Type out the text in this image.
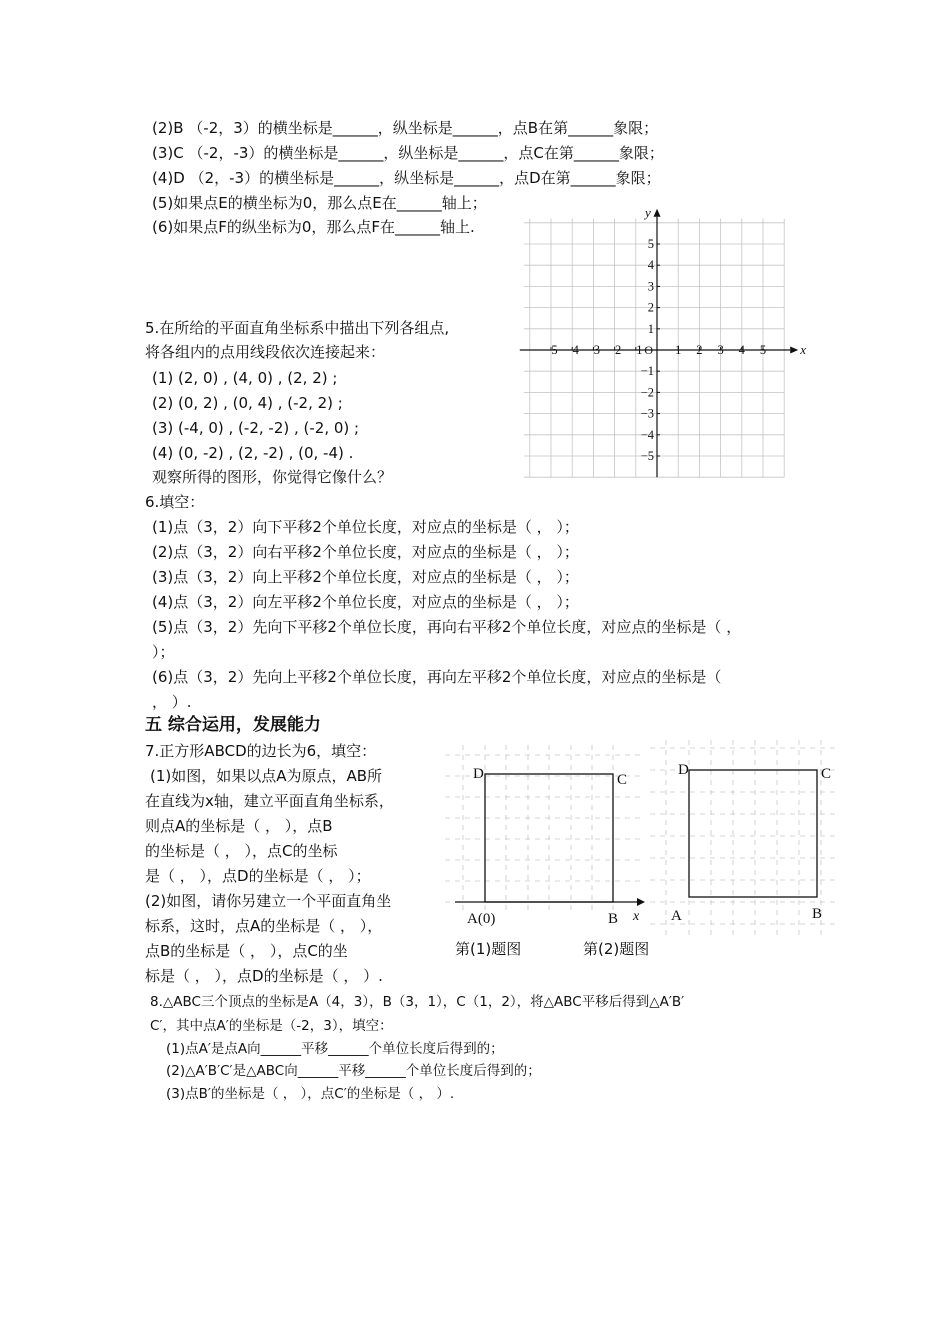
(2)B （-2，3）的横坐标是______，纵坐标是______，点B在第______象限；
(3)C （-2，-3）的横坐标是______，纵坐标是______，点C在第______象限；
(4)D （2，-3）的横坐标是______，纵坐标是______，点D在第______象限；
(5)如果点E的横坐标为0，那么点E在______轴上；
(6)如果点F的纵坐标为0，那么点F在______轴上.
x
y
O
−5 −4 −3 −2 −1	1 2 3 4 5
5
4
3
2
1
−1
−2
−3
−4
−5
5.在所给的平面直角坐标系中描出下列各组点,
将各组内的点用线段依次连接起来：
(1) (2, 0) , (4, 0) , (2, 2) ;
(2) (0, 2) , (0, 4) , (-2, 2) ;
(3) (-4, 0) , (-2, -2) , (-2, 0) ;
(4) (0, -2) , (2, -2) , (0, -4) .
观察所得的图形，你觉得它像什么？
6.填空：
(1)点（3，2）向下平移2个单位长度，对应点的坐标是（ ， ）；
(2)点（3，2）向右平移2个单位长度，对应点的坐标是（ ， ）；
(3)点（3，2）向上平移2个单位长度，对应点的坐标是（ ， ）；
(4)点（3，2）向左平移2个单位长度，对应点的坐标是（ ， ）；
(5)点（3，2）先向下平移2个单位长度，再向右平移2个单位长度，对应点的坐标是（ ，
）；
(6)点（3，2）先向上平移2个单位长度，再向左平移2个单位长度，对应点的坐标是（
， ）.
五 综合运用，发展能力
7.正方形ABCD的边长为6，填空：
(1)如图，如果以点A为原点，AB所
在直线为x轴，建立平面直角坐标系，
则点A的坐标是（ ， ），点B
的坐标是（ ， ），点C的坐标
是（ ， ），点D的坐标是（ ， ）；
(2)如图，请你另建立一个平面直角坐
标系，这时，点A的坐标是（ ， ），
点B的坐标是（ ， ），点C的坐
标是（ ， ），点D的坐标是（ ， ）.
D	C
A(0)	B x
第(1)题图
D	C
A	B
第(2)题图
8.△ABC三个顶点的坐标是A（4，3），B（3，1），C（1，2），将△ABC平移后得到△A′B′
C′，其中点A′的坐标是（-2，3），填空：
(1)点A′是点A向______平移______个单位长度后得到的；
(2)△A′B′C′是△ABC向______平移______个单位长度后得到的；
(3)点B′的坐标是（ ， ），点C′的坐标是（ ， ）.
